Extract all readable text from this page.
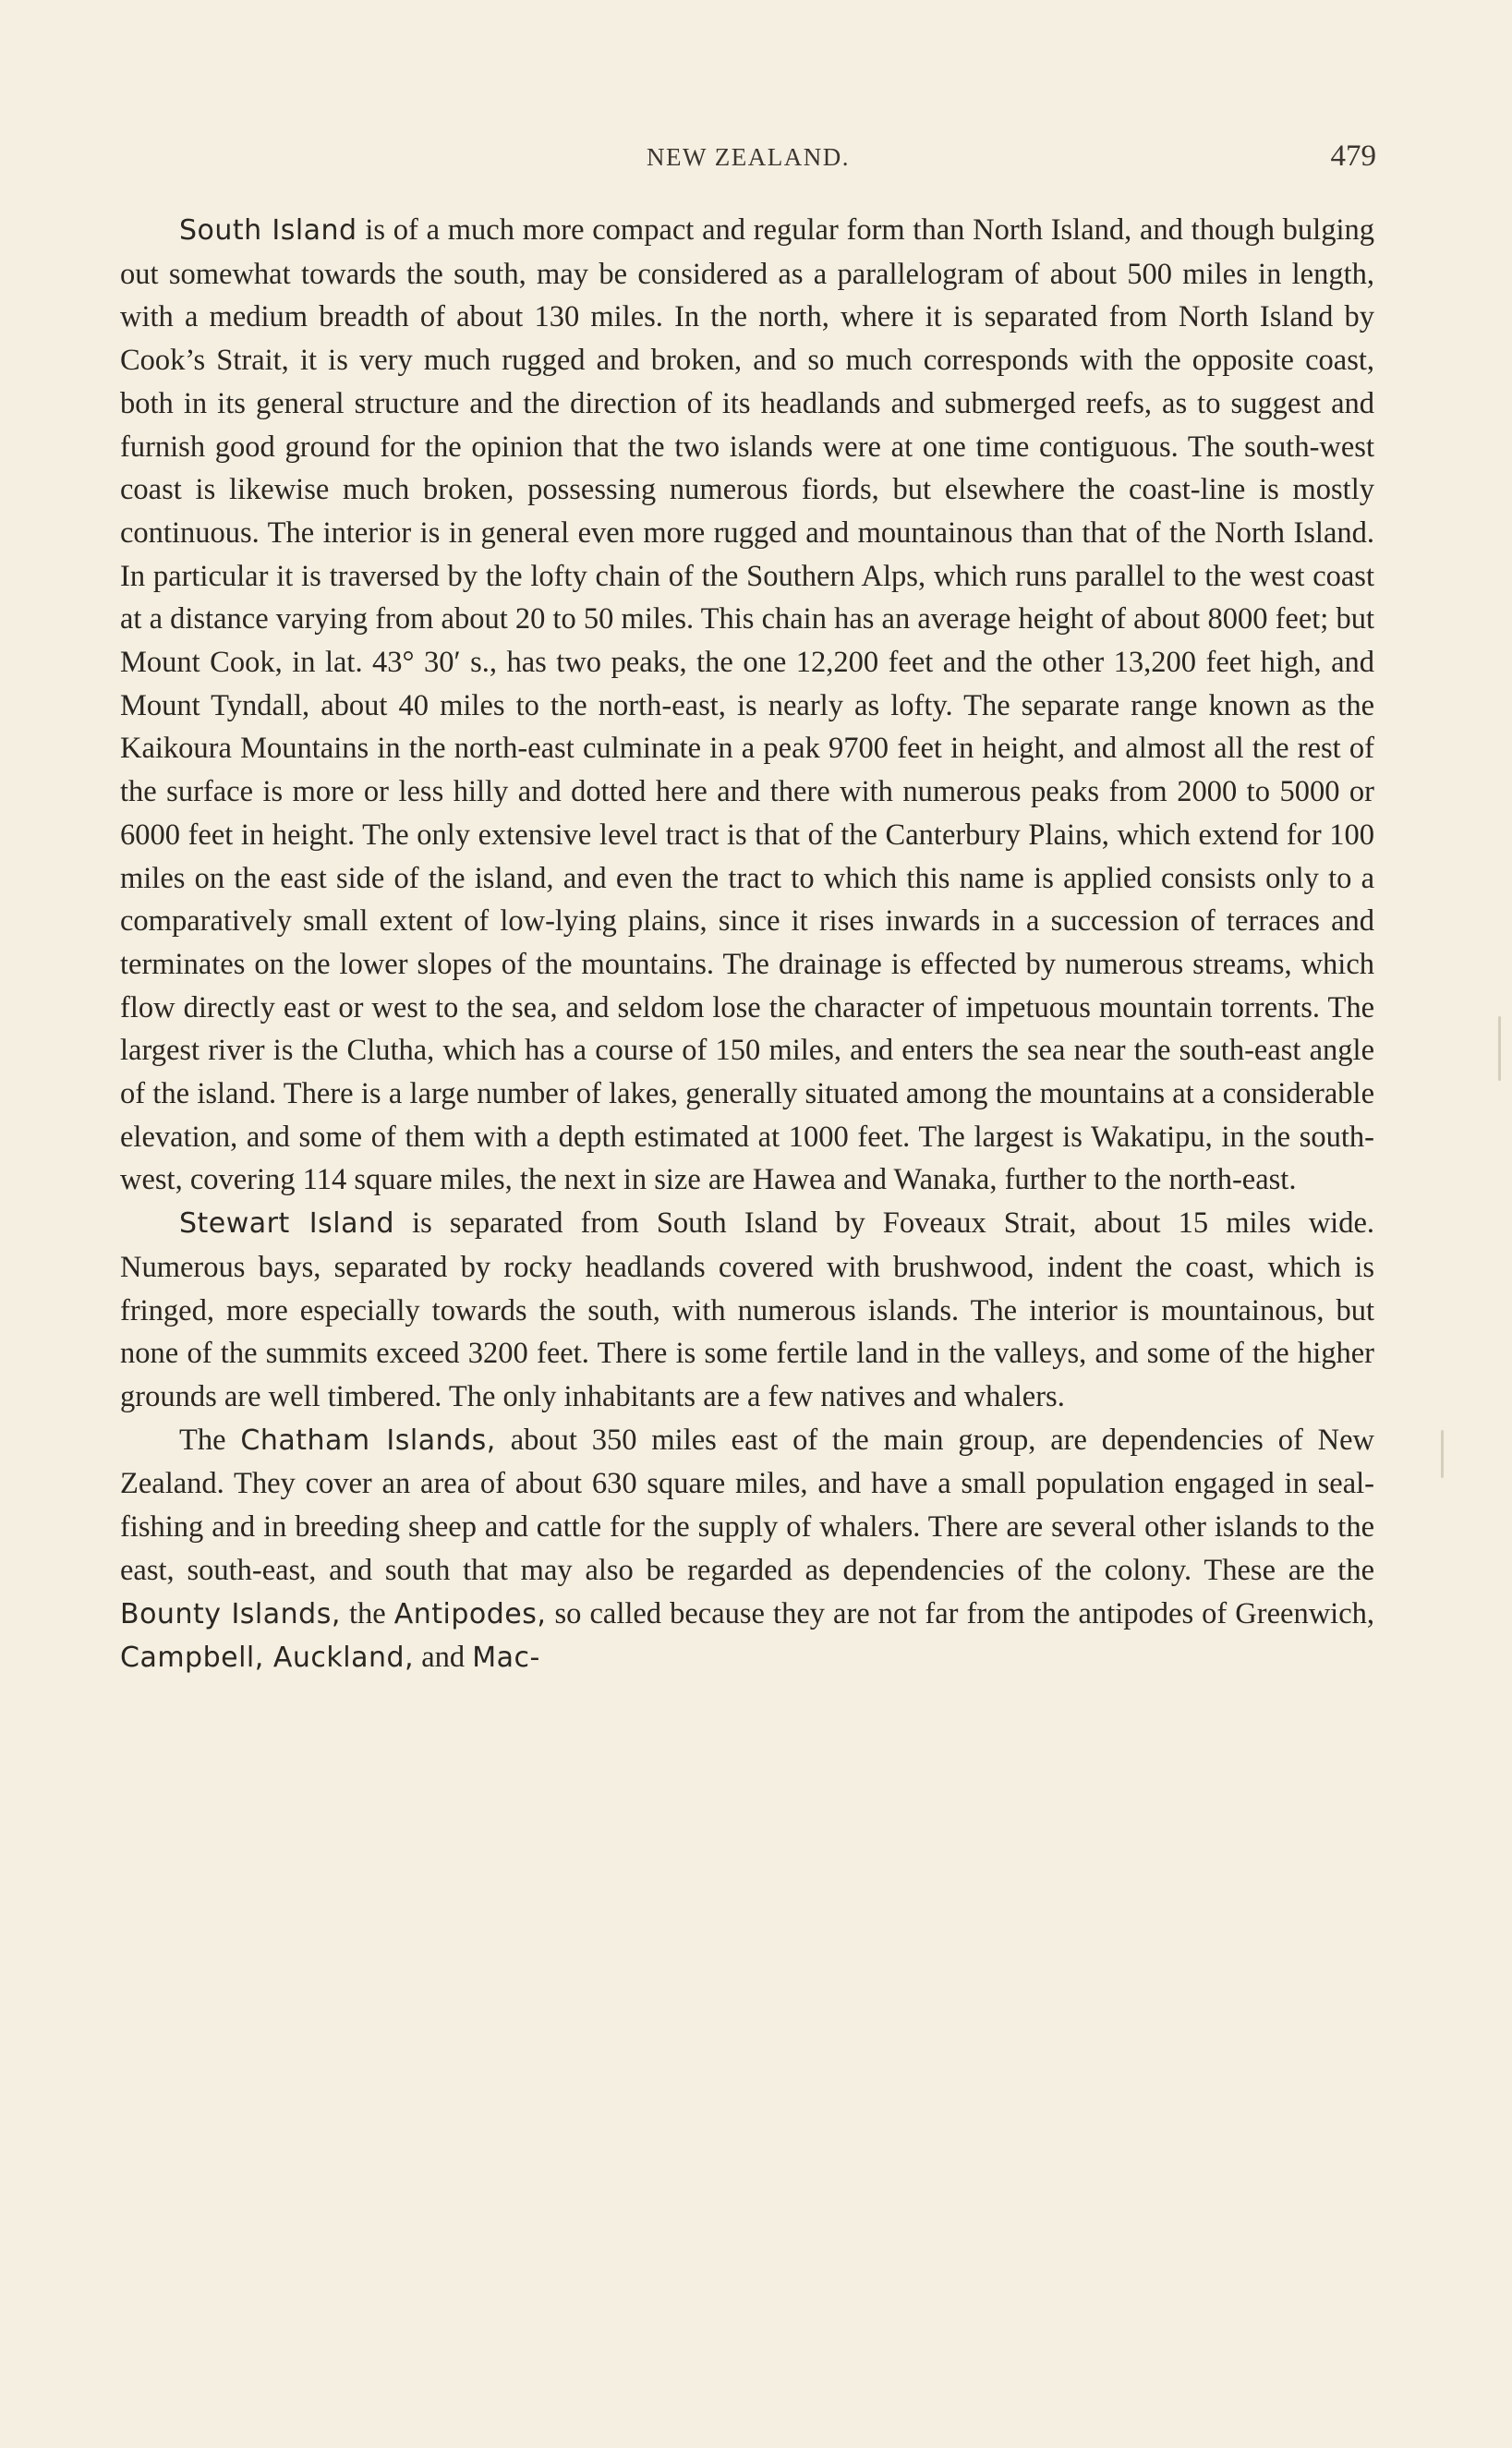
NEW ZEALAND.	479

South Island is of a much more compact and regular form than North Island, and though bulging out somewhat towards the south, may be considered as a parallelogram of about 500 miles in length, with a medium breadth of about 130 miles. In the north, where it is separated from North Island by Cook’s Strait, it is very much rugged and broken, and so much corresponds with the opposite coast, both in its general structure and the direction of its headlands and submerged reefs, as to suggest and furnish good ground for the opinion that the two islands were at one time contiguous. The south-west coast is likewise much broken, possessing numerous fiords, but elsewhere the coast-line is mostly continuous. The interior is in general even more rugged and mountainous than that of the North Island. In particular it is traversed by the lofty chain of the Southern Alps, which runs parallel to the west coast at a distance varying from about 20 to 50 miles. This chain has an average height of about 8000 feet; but Mount Cook, in lat. 43° 30′ s., has two peaks, the one 12,200 feet and the other 13,200 feet high, and Mount Tyndall, about 40 miles to the north-east, is nearly as lofty. The separate range known as the Kaikoura Mountains in the north-east culminate in a peak 9700 feet in height, and almost all the rest of the surface is more or less hilly and dotted here and there with numerous peaks from 2000 to 5000 or 6000 feet in height. The only extensive level tract is that of the Canterbury Plains, which extend for 100 miles on the east side of the island, and even the tract to which this name is applied consists only to a comparatively small extent of low-lying plains, since it rises inwards in a succession of terraces and terminates on the lower slopes of the mountains. The drainage is effected by numerous streams, which flow directly east or west to the sea, and seldom lose the character of impetuous mountain torrents. The largest river is the Clutha, which has a course of 150 miles, and enters the sea near the south-east angle of the island. There is a large number of lakes, generally situated among the mountains at a considerable elevation, and some of them with a depth estimated at 1000 feet. The largest is Wakatipu, in the south-west, covering 114 square miles, the next in size are Hawea and Wanaka, further to the north-east.

Stewart Island is separated from South Island by Foveaux Strait, about 15 miles wide. Numerous bays, separated by rocky headlands covered with brushwood, indent the coast, which is fringed, more especially towards the south, with numerous islands. The interior is mountainous, but none of the summits exceed 3200 feet. There is some fertile land in the valleys, and some of the higher grounds are well timbered. The only inhabitants are a few natives and whalers.

The Chatham Islands, about 350 miles east of the main group, are dependencies of New Zealand. They cover an area of about 630 square miles, and have a small population engaged in seal-fishing and in breeding sheep and cattle for the supply of whalers. There are several other islands to the east, south-east, and south that may also be regarded as dependencies of the colony. These are the Bounty Islands, the Antipodes, so called because they are not far from the antipodes of Greenwich, Campbell, Auckland, and Mac-
